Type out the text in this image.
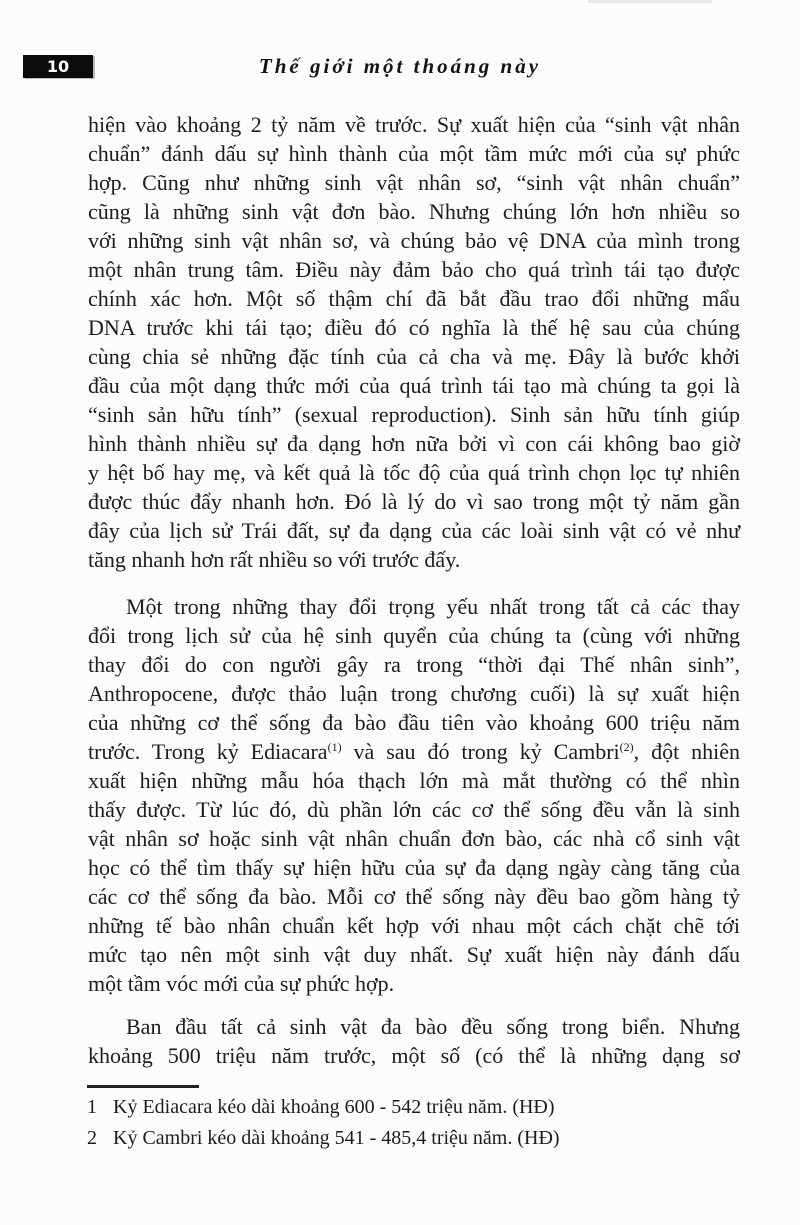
10	Thế giới một thoáng này
hiện vào khoảng 2 tỷ năm về trước. Sự xuất hiện của “sinh vật nhân
chuẩn” đánh dấu sự hình thành của một tầm mức mới của sự phức
hợp. Cũng như những sinh vật nhân sơ, “sinh vật nhân chuẩn”
cũng là những sinh vật đơn bào. Nhưng chúng lớn hơn nhiều so
với những sinh vật nhân sơ, và chúng bảo vệ DNA của mình trong
một nhân trung tâm. Điều này đảm bảo cho quá trình tái tạo được
chính xác hơn. Một số thậm chí đã bắt đầu trao đổi những mẩu
DNA trước khi tái tạo; điều đó có nghĩa là thế hệ sau của chúng
cùng chia sẻ những đặc tính của cả cha và mẹ. Đây là bước khởi
đầu của một dạng thức mới của quá trình tái tạo mà chúng ta gọi là
“sinh sản hữu tính” (sexual reproduction). Sinh sản hữu tính giúp
hình thành nhiều sự đa dạng hơn nữa bởi vì con cái không bao giờ
y hệt bố hay mẹ, và kết quả là tốc độ của quá trình chọn lọc tự nhiên
được thúc đẩy nhanh hơn. Đó là lý do vì sao trong một tỷ năm gần
đây của lịch sử Trái đất, sự đa dạng của các loài sinh vật có vẻ như
tăng nhanh hơn rất nhiều so với trước đấy.
Một trong những thay đổi trọng yếu nhất trong tất cả các thay
đổi trong lịch sử của hệ sinh quyển của chúng ta (cùng với những
thay đổi do con người gây ra trong “thời đại Thế nhân sinh”,
Anthropocene, được thảo luận trong chương cuối) là sự xuất hiện
của những cơ thể sống đa bào đầu tiên vào khoảng 600 triệu năm
trước. Trong kỷ Ediacara$^{(1)}$ và sau đó trong kỷ Cambri$^{(2)}$, đột nhiên
xuất hiện những mẫu hóa thạch lớn mà mắt thường có thể nhìn
thấy được. Từ lúc đó, dù phần lớn các cơ thể sống đều vẫn là sinh
vật nhân sơ hoặc sinh vật nhân chuẩn đơn bào, các nhà cổ sinh vật
học có thể tìm thấy sự hiện hữu của sự đa dạng ngày càng tăng của
các cơ thể sống đa bào. Mỗi cơ thể sống này đều bao gồm hàng tỷ
những tế bào nhân chuẩn kết hợp với nhau một cách chặt chẽ tới
mức tạo nên một sinh vật duy nhất. Sự xuất hiện này đánh dấu
một tầm vóc mới của sự phức hợp.
Ban đầu tất cả sinh vật đa bào đều sống trong biển. Nhưng
khoảng 500 triệu năm trước, một số (có thể là những dạng sơ
1 Kỷ Ediacara kéo dài khoảng 600 - 542 triệu năm. (HĐ)
2 Kỷ Cambri kéo dài khoảng 541 - 485,4 triệu năm. (HĐ)
